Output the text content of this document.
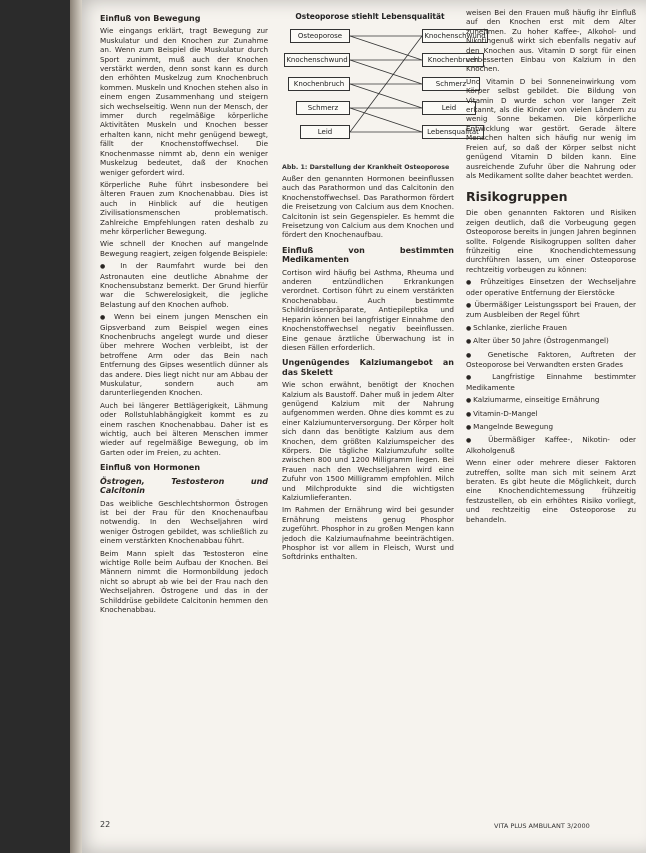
Einfluß von Bewegung

Wie eingangs erklärt, tragt Bewegung zur Muskulatur und den Knochen zur Zunahme an. Wenn zum Beispiel die Muskulatur durch Sport zunimmt, muß auch der Knochen verstärkt werden, denn sonst kann es durch den erhöhten Muskelzug zum Knochenbruch kommen. Muskeln und Knochen stehen also in einem engen Zusammenhang und steigern sich wechselseitig. Wenn nun der Mensch, der immer durch regelmäßige körperliche Aktivitäten Muskeln und Knochen besser erhalten kann, nicht mehr genügend bewegt, fällt der Knochenstoffwechsel. Die Knochenmasse nimmt ab, denn ein weniger Muskelzug bedeutet, daß der Knochen weniger gefordert wird.

Körperliche Ruhe führt insbesondere bei älteren Frauen zum Knochenabbau. Dies ist auch in Hinblick auf die heutigen Zivilisationsmenschen problematisch. Zahlreiche Empfehlungen raten deshalb zu mehr körperlicher Bewegung.

Wie schnell der Knochen auf mangelnde Bewegung reagiert, zeigen folgende Beispiele:

● In der Raumfahrt wurde bei den Astronauten eine deutliche Abnahme der Knochensubstanz bemerkt. Der Grund hierfür war die Schwerelosigkeit, die jegliche Belastung auf den Knochen aufhob.

● Wenn bei einem jungen Menschen ein Gipsverband zum Beispiel wegen eines Knochenbruchs angelegt wurde und dieser über mehrere Wochen verbleibt, ist der betroffene Arm oder das Bein nach Entfernung des Gipses wesentlich dünner als das andere. Dies liegt nicht nur am Abbau der Muskulatur, sondern auch am darunterliegenden Knochen.

Auch bei längerer Bettlägerigkeit, Lähmung oder Rollstuhlabhängigkeit kommt es zu einem raschen Knochenabbau. Daher ist es wichtig, auch bei älteren Menschen immer wieder auf regelmäßige Bewegung, ob im Garten oder im Freien, zu achten.

Einfluß von Hormonen
Östrogen, Testosteron und Calcitonin

Das weibliche Geschlechtshormon Östrogen ist bei der Frau für den Knochenaufbau notwendig. In den Wechseljahren wird weniger Östrogen gebildet, was schließlich zu einem verstärkten Knochenabbau führt.

Beim Mann spielt das Testosteron eine wichtige Rolle beim Aufbau der Knochen. Bei Männern nimmt die Hormonbildung jedoch nicht so abrupt ab wie bei der Frau nach den Wechseljahren. Östrogene und das in der Schilddrüse gebildete Calcitonin hemmen den Knochenabbau.

Osteoporose stiehlt Lebensqualität
Osteoporose
Knochenschwund
Knochenbruch
Schmerz
Leid
Knochenschwund
Knochenbruch
Schmerz
Leid
Lebensqualität
Abb. 1: Darstellung der Krankheit Osteoporose

Außer den genannten Hormonen beeinflussen auch das Parathormon und das Calcitonin den Knochenstoffwechsel. Das Parathormon fördert die Freisetzung von Calcium aus dem Knochen. Calcitonin ist sein Gegenspieler. Es hemmt die Freisetzung von Calcium aus dem Knochen und fördert den Knochenaufbau.

Einfluß von bestimmten Medikamenten

Cortison wird häufig bei Asthma, Rheuma und anderen entzündlichen Erkrankungen verordnet. Cortison führt zu einem verstärkten Knochenabbau. Auch bestimmte Schilddrüsenpräparate, Antiepileptika und Heparin können bei langfristiger Einnahme den Knochenstoffwechsel negativ beeinflussen. Eine genaue ärztliche Überwachung ist in diesen Fällen erforderlich.

Ungenügendes Kalziumangebot an das Skelett

Wie schon erwähnt, benötigt der Knochen Kalzium als Baustoff. Daher muß in jedem Alter genügend Kalzium mit der Nahrung aufgenommen werden. Ohne dies kommt es zu einer Kalziumunterversorgung. Der Körper holt sich dann das benötigte Kalzium aus dem Knochen, dem größten Kalziumspeicher des Körpers. Die tägliche Kalziumzufuhr sollte zwischen 800 und 1200 Milligramm liegen. Bei Frauen nach den Wechseljahren wird eine Zufuhr von 1500 Milligramm empfohlen. Milch und Milchprodukte sind die wichtigsten Kalziumlieferanten.

Im Rahmen der Ernährung wird bei gesunder Ernährung meistens genug Phosphor zugeführt. Phosphor in zu großen Mengen kann jedoch die Kalziumaufnahme beeinträchtigen. Phosphor ist vor allem in Fleisch, Wurst und Softdrinks enthalten.

weisen Bei den Frauen muß häufig ihr Einfluß auf den Knochen erst mit dem Alter zunehmen. Zu hoher Kaffee-, Alkohol- und Nikotingenuß wirkt sich ebenfalls negativ auf den Knochen aus. Vitamin D sorgt für einen verbesserten Einbau von Kalzium in den Knochen.

Und Vitamin D bei Sonneneinwirkung vom Körper selbst gebildet. Die Bildung von Vitamin D wurde schon vor langer Zeit erkannt, als die Kinder von vielen Ländern zu wenig Sonne bekamen. Die körperliche Entwicklung war gestört. Gerade ältere Menschen halten sich häufig nur wenig im Freien auf, so daß der Körper selbst nicht genügend Vitamin D bilden kann. Eine ausreichende Zufuhr über die Nahrung oder als Medikament sollte daher beachtet werden.

Risikogruppen

Die oben genannten Faktoren und Risiken zeigen deutlich, daß die Vorbeugung gegen Osteoporose bereits in jungen Jahren beginnen sollte. Folgende Risikogruppen sollten daher frühzeitig eine Knochendichtemessung durchführen lassen, um einer Osteoporose rechtzeitig vorbeugen zu können:

● Frühzeitiges Einsetzen der Wechseljahre oder operative Entfernung der Eierstöcke

● Übermäßiger Leistungssport bei Frauen, der zum Ausbleiben der Regel führt

● Schlanke, zierliche Frauen

● Alter über 50 Jahre (Östrogenmangel)

● Genetische Faktoren, Auftreten der Osteoporose bei Verwandten ersten Grades

● Langfristige Einnahme bestimmter Medikamente

● Kalziumarme, einseitige Ernährung

● Vitamin-D-Mangel

● Mangelnde Bewegung

● Übermäßiger Kaffee-, Nikotin- oder Alkoholgenuß

Wenn einer oder mehrere dieser Faktoren zutreffen, sollte man sich mit seinem Arzt beraten. Es gibt heute die Möglichkeit, durch eine Knochendichtemessung frühzeitig festzustellen, ob ein erhöhtes Risiko vorliegt, und rechtzeitig eine Osteoporose zu behandeln.

22	VITA PLUS AMBULANT 3/2000
